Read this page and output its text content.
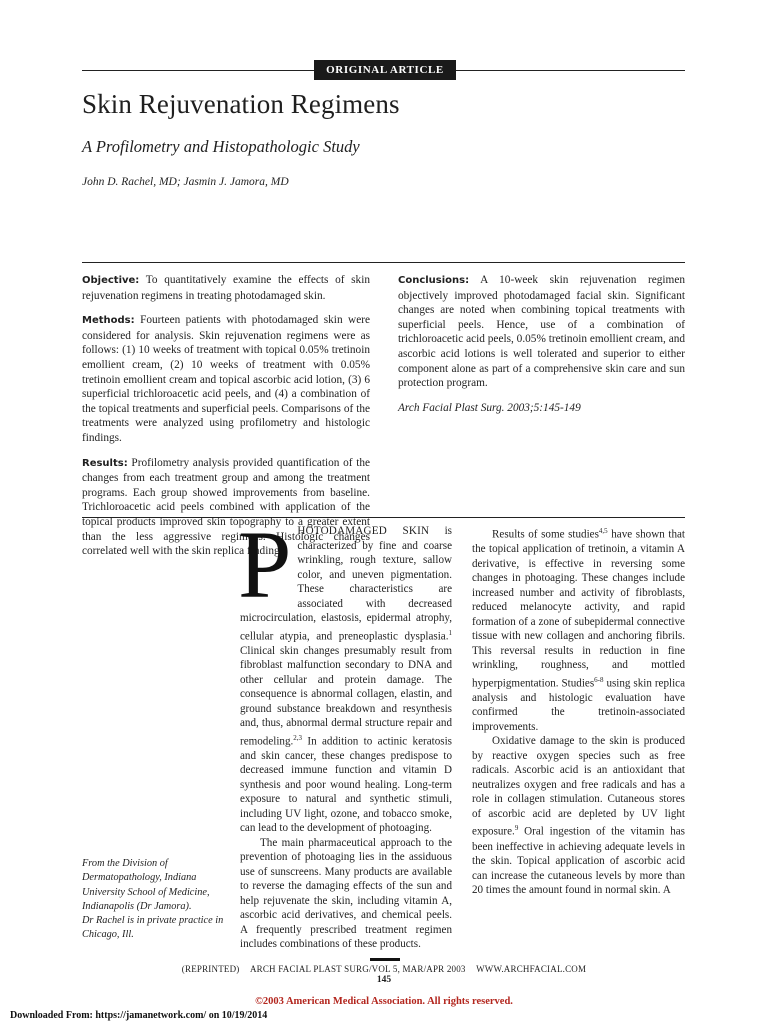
ORIGINAL ARTICLE
Skin Rejuvenation Regimens
A Profilometry and Histopathologic Study
John D. Rachel, MD; Jasmin J. Jamora, MD

Objective: To quantitatively examine the effects of skin rejuvenation regimens in treating photodamaged skin.

Methods: Fourteen patients with photodamaged skin were considered for analysis. Skin rejuvenation regimens were as follows: (1) 10 weeks of treatment with topical 0.05% tretinoin emollient cream, (2) 10 weeks of treatment with 0.05% tretinoin emollient cream and topical ascorbic acid lotion, (3) 6 superficial trichloroacetic acid peels, and (4) a combination of the topical treatments and superficial peels. Comparisons of the treatments were analyzed using profilometry and histologic findings.

Results: Profilometry analysis provided quantification of the changes from each treatment group and among the treatment programs. Each group showed improvements from baseline. Trichloroacetic acid peels combined with application of the topical products improved skin topography to a greater extent than the less aggressive regimens. Histologic changes correlated well with the skin replica findings.

Conclusions: A 10-week skin rejuvenation regimen objectively improved photodamaged facial skin. Significant changes are noted when combining topical treatments with superficial peels. Hence, use of a combination of trichloroacetic acid peels, 0.05% tretinoin emollient cream, and ascorbic acid lotions is well tolerated and superior to either component alone as part of a comprehensive skin care and sun protection program.

Arch Facial Plast Surg. 2003;5:145-149

PHOTODAMAGED SKIN is characterized by fine and coarse wrinkling, rough texture, sallow color, and uneven pigmentation. These characteristics are associated with decreased microcirculation, elastosis, epidermal atrophy, cellular atypia, and preneoplastic dysplasia.$^1$ Clinical skin changes presumably result from fibroblast malfunction secondary to DNA and other cellular and protein damage. The consequence is abnormal collagen, elastin, and ground substance breakdown and resynthesis and, thus, abnormal dermal structure repair and remodeling.$^{2,3}$ In addition to actinic keratosis and skin cancer, these changes predispose to decreased immune function and vitamin D synthesis and poor wound healing. Long-term exposure to natural and synthetic stimuli, including UV light, ozone, and tobacco smoke, can lead to the development of photoaging.

The main pharmaceutical approach to the prevention of photoaging lies in the assiduous use of sunscreens. Many products are available to reverse the damaging effects of the sun and help rejuvenate the skin, including vitamin A, ascorbic acid derivatives, and chemical peels. A frequently prescribed treatment regimen includes combinations of these products.

Results of some studies$^{4,5}$ have shown that the topical application of tretinoin, a vitamin A derivative, is effective in reversing some changes in photoaging. These changes include increased number and activity of fibroblasts, reduced melanocyte activity, and rapid formation of a zone of subepidermal connective tissue with new collagen and anchoring fibrils. This reversal results in reduction in fine wrinkling, roughness, and mottled hyperpigmentation. Studies$^{6-8}$ using skin replica analysis and histologic evaluation have confirmed the tretinoin-associated improvements.

Oxidative damage to the skin is produced by reactive oxygen species such as free radicals. Ascorbic acid is an antioxidant that neutralizes oxygen and free radicals and has a role in collagen stimulation. Cutaneous stores of ascorbic acid are depleted by UV light exposure.$^9$ Oral ingestion of the vitamin has been ineffective in achieving adequate levels in the skin. Topical application of ascorbic acid can increase the cutaneous levels by more than 20 times the amount found in normal skin. A

From the Division of Dermatopathology, Indiana University School of Medicine, Indianapolis (Dr Jamora).
Dr Rachel is in private practice in Chicago, Ill.
(REPRINTED) ARCH FACIAL PLAST SURG/VOL 5, MAR/APR 2003 WWW.ARCHFACIAL.COM
145
©2003 American Medical Association. All rights reserved.
Downloaded From: https://jamanetwork.com/ on 10/19/2014
